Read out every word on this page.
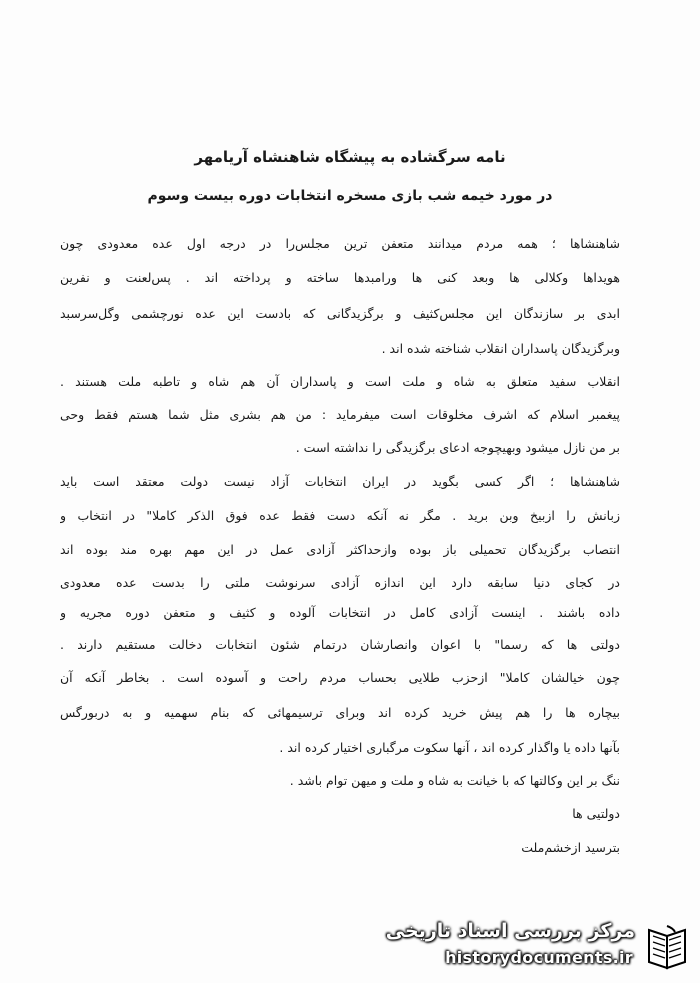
نامه سرگشاده به پیشگاه شاهنشاه آریامهر
در مورد خیمه شب بازی مسخره انتخابات دوره بیست وسوم
شاهنشاها ؛ همه مردم میدانند متعفن ترین مجلس‌را در درجه اول عده معدودی چون
هویداها وکلالی ها وبعد کنی ها ورامبدها ساخته و پرداخته اند . پس‌لعنت و نفرین
ابدی بر سازندگان این مجلس‌کثیف و برگزیدگانی که بادست این عده نورچشمی وگل‌سرسبد
وبرگزیدگان پاسداران انقلاب شناخته شده اند .
انقلاب سفید متعلق به شاه و ملت است و پاسداران آن هم شاه و تاطبه ملت هستند .
پیغمبر اسلام که اشرف مخلوقات است میفرماید : من هم بشری مثل شما هستم فقط وحی
بر من نازل میشود وبهیچوجه ادعای برگزیدگی را نداشته است .
شاهنشاها ؛ اگر کسی بگوید در ایران انتخابات آزاد نیست دولت معتقد است باید
زبانش را ازبیخ وبن برید . مگر نه آنکه دست فقط عده فوق الذکر کاملا" در انتخاب و
انتصاب برگزیدگان تحمیلی باز بوده وازحداکثر آزادی عمل در این مهم بهره مند بوده اند
در کجای دنیا سابقه دارد این اندازه آزادی سرنوشت ملتی را بدست عده معدودی
داده باشند . اینست آزادی کامل در انتخابات آلوده و کثیف و متعفن دوره مجریه و
دولتی ها که رسما" با اعوان وانصارشان درتمام شئون انتخابات دخالت مستقیم دارند .
چون خیالشان کاملا" ازحزب طلایی بحساب مردم راحت و آسوده است . بخاطر آنکه آن
بیچاره ها را هم پیش خرید کرده اند وبرای ترسیمهائی که بنام سهمیه و به دربورگس
بآنها داده یا واگذار کرده اند ، آنها سکوت مرگباری اختیار کرده اند .
ننگ بر این وکالتها که با خیانت به شاه و ملت و میهن توام باشد .
دولتیی ها
بترسید ازخشم‌ملت
مرکز بررسی اسناد تاریخی
historydocuments.ir
